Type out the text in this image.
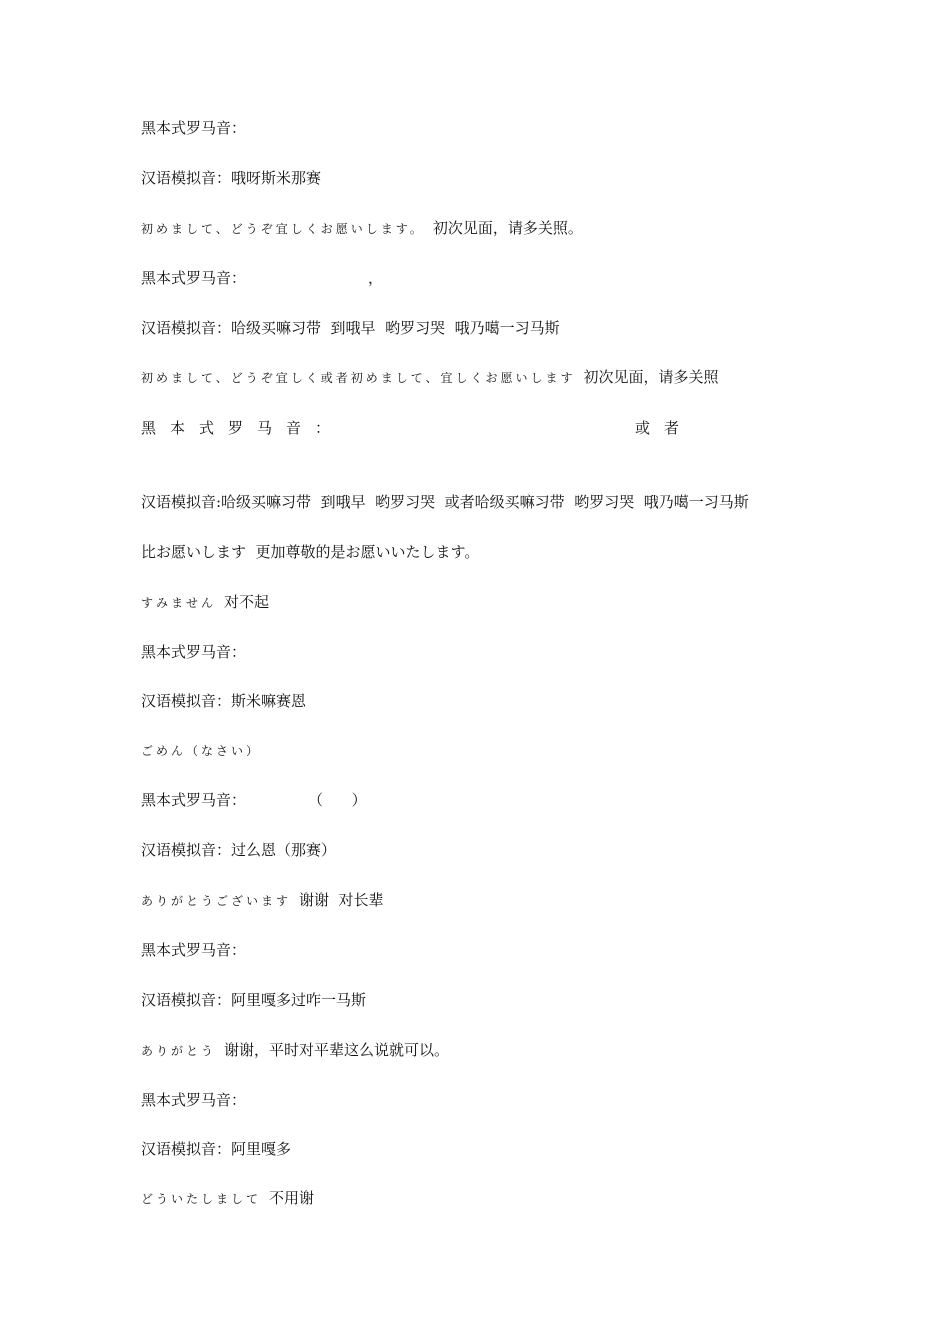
黑本式罗马音：
汉语模拟音：哦呀斯米那赛
初めまして、どうぞ宜しくお愿いします。 初次见面，请多关照。
黑本式罗马音：	，
汉语模拟音：哈级买嘛习带  到哦早  哟罗习哭  哦乃噶一习马斯
初めまして、どうぞ宜しく或者初めまして、宜しくお愿いします 初次见面，请多关照
黑本式罗马音：	或者
汉语模拟音:哈级买嘛习带  到哦早  哟罗习哭  或者哈级买嘛习带  哟罗习哭  哦乃噶一习马斯
比お愿いします  更加尊敬的是お愿いいたします。
すみません 对不起
黑本式罗马音：
汉语模拟音：斯米嘛赛恩
ごめん（なさい）
黑本式罗马音：	（      ）
汉语模拟音：过么恩（那赛）
ありがとうございます 谢谢  对长辈
黑本式罗马音：
汉语模拟音：阿里嘎多过咋一马斯
ありがとう 谢谢，平时对平辈这么说就可以。
黑本式罗马音：
汉语模拟音：阿里嘎多
どういたしまして 不用谢
